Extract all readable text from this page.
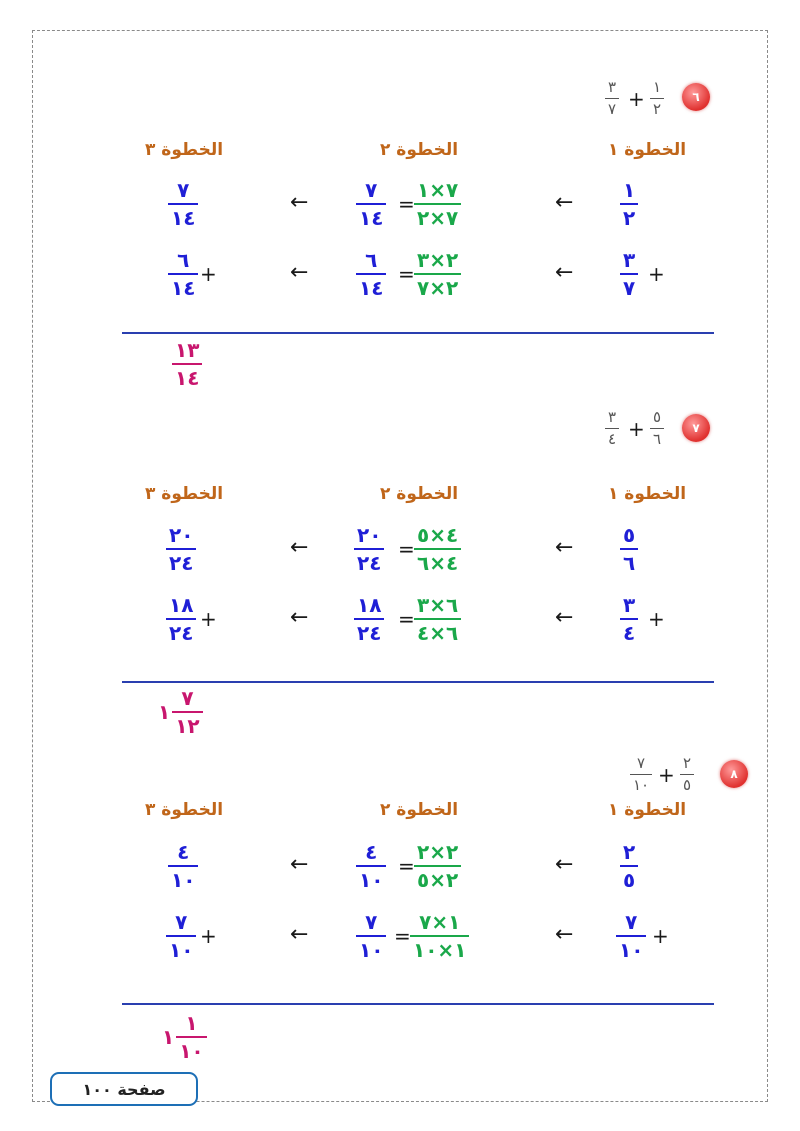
٦
١
٢
+
٣
٧
الخطوة ١
الخطوة ٢
الخطوة ٣
١
٢
←
٧×١
٧×٢
=
٧
١٤
←
٧
١٤
+
٣
٧
←
٢×٣
٢×٧
=
٦
١٤
←
+
٦
١٤
$\frac{١٣}{١٤}$
٧
٥
٦
+
٣
٤
الخطوة ١
الخطوة ٢
الخطوة ٣
٥
٦
←
٤×٥
٤×٦
=
٢٠
٢٤
←
٢٠
٢٤
+
٣
٤
←
٦×٣
٦×٤
=
١٨
٢٤
←
+
١٨
٢٤
١ $\frac{٧}{١٢}$
٨
٢
٥
+
٧
١٠
الخطوة ١
الخطوة ٢
الخطوة ٣
٢
٥
←
٢×٢
٢×٥
=
٤
١٠
←
٤
١٠
+
٧
١٠
←
١×٧
١×١٠
=
٧
١٠
←
+
٧
١٠
١ $\frac{١}{١٠}$
صفحة ١٠٠
